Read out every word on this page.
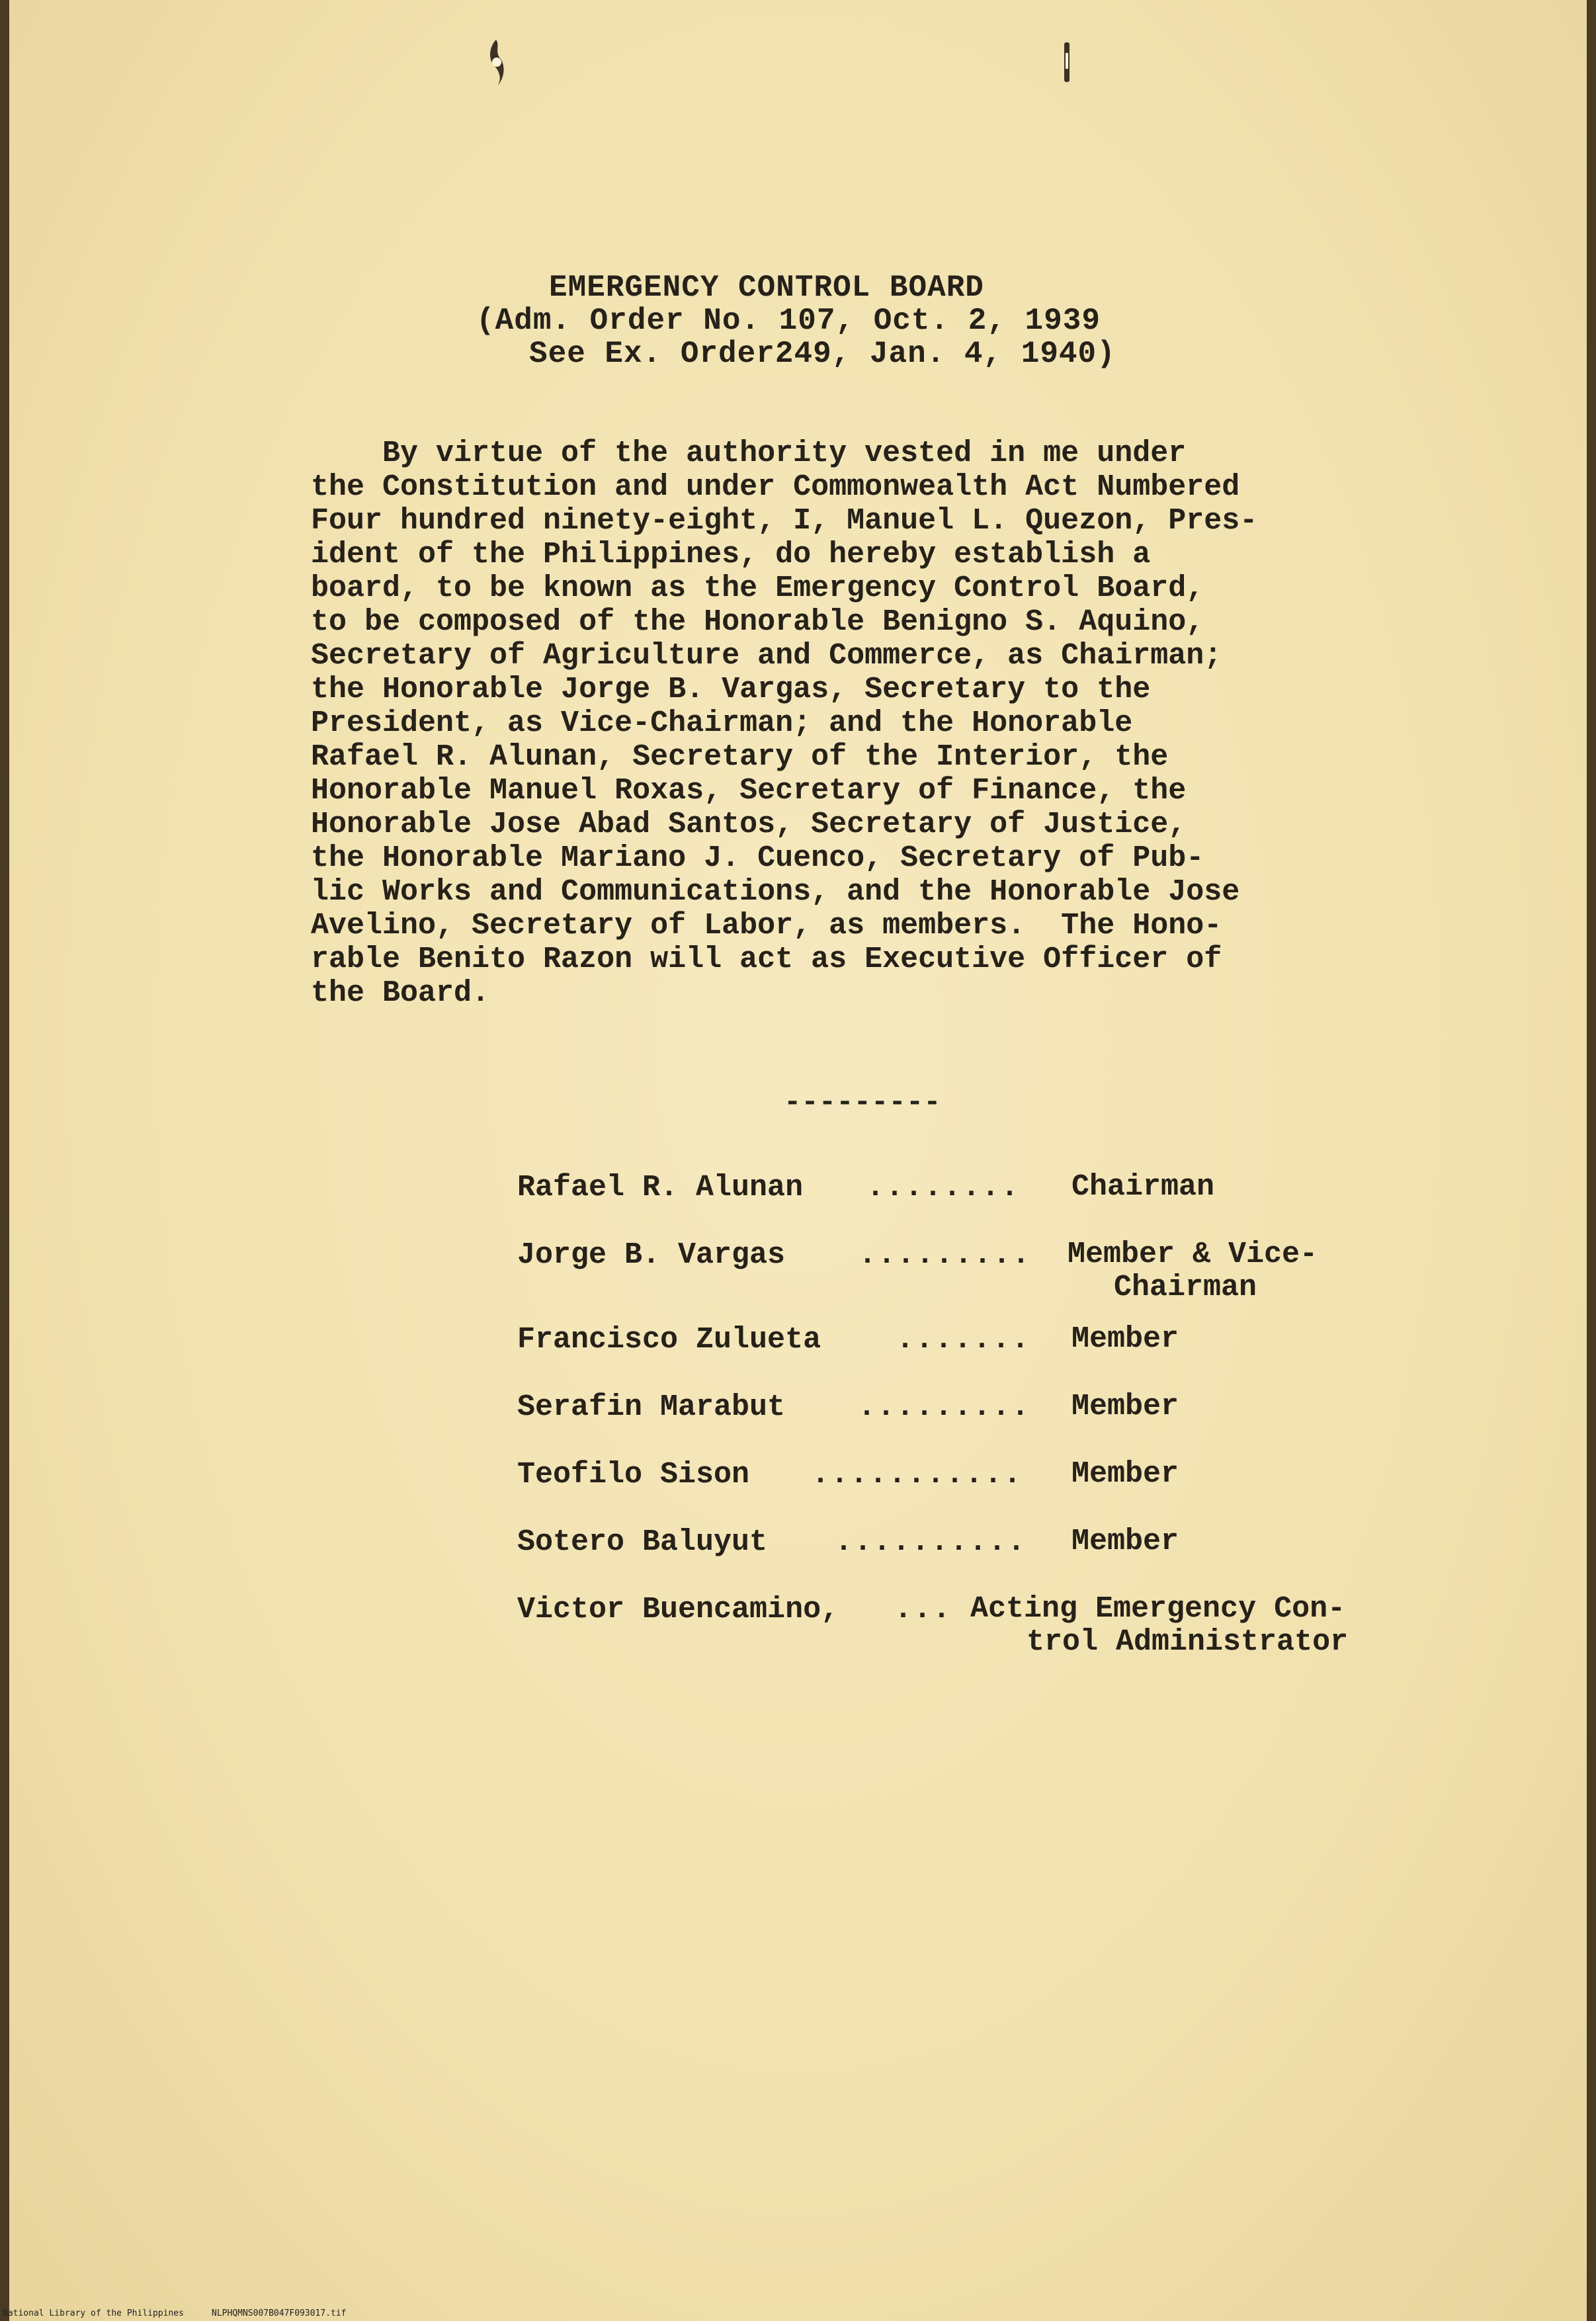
EMERGENCY CONTROL BOARD
(Adm. Order No. 107, Oct. 2, 1939
See Ex. Order249, Jan. 4, 1940)
By virtue of the authority vested in me under
the Constitution and under Commonwealth Act Numbered
Four hundred ninety-eight, I, Manuel L. Quezon, Pres-
ident of the Philippines, do hereby establish a
board, to be known as the Emergency Control Board,
to be composed of the Honorable Benigno S. Aquino,
Secretary of Agriculture and Commerce, as Chairman;
the Honorable Jorge B. Vargas, Secretary to the
President, as Vice-Chairman; and the Honorable
Rafael R. Alunan, Secretary of the Interior, the
Honorable Manuel Roxas, Secretary of Finance, the
Honorable Jose Abad Santos, Secretary of Justice,
the Honorable Mariano J. Cuenco, Secretary of Pub-
lic Works and Communications, and the Honorable Jose
Avelino, Secretary of Labor, as members.  The Hono-
rable Benito Razon will act as Executive Officer of
the Board.
---------
Rafael R. Alunan ........ Chairman
Jorge B. Vargas ......... Member & Vice-
Chairman
Francisco Zulueta	....... Member
Serafin Marabut ......... Member
Teofilo Sison ........... Member
Sotero Baluyut .......... Member
Victor Buencamino, ... Acting Emergency Con-
trol Administrator
National Library of the Philippines	NLPHQMNS007B047F093017.tif
